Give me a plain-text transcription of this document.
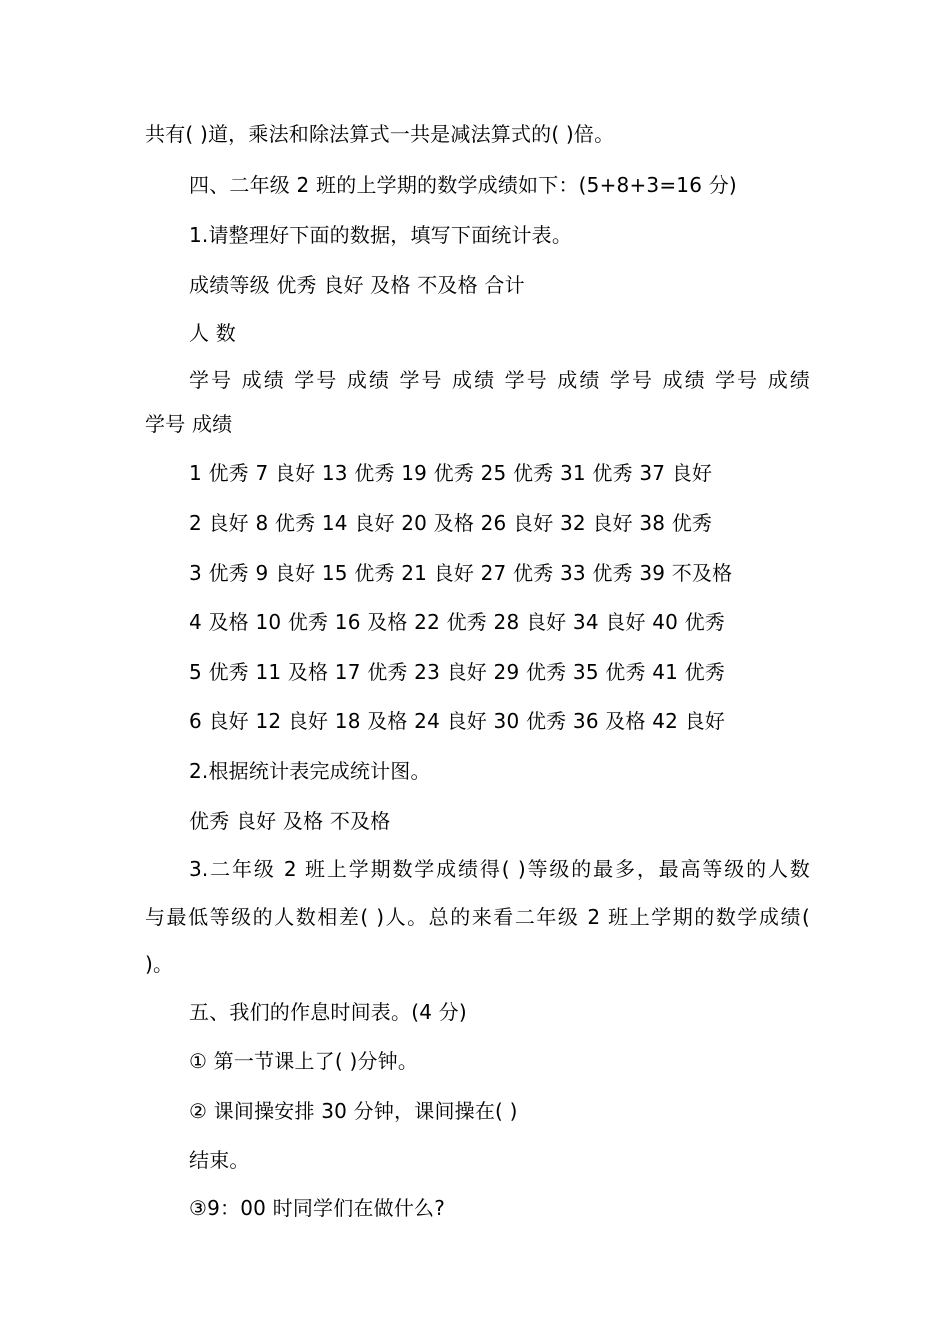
共有( )道，乘法和除法算式一共是减法算式的( )倍。
四、二年级 2 班的上学期的数学成绩如下：(5+8+3=16 分)
1.请整理好下面的数据，填写下面统计表。
成绩等级 优秀 良好 及格 不及格 合计
人 数
学号 成绩 学号 成绩 学号 成绩 学号 成绩 学号 成绩 学号 成绩
学号 成绩
1 优秀 7 良好 13 优秀 19 优秀 25 优秀 31 优秀 37 良好
2 良好 8 优秀 14 良好 20 及格 26 良好 32 良好 38 优秀
3 优秀 9 良好 15 优秀 21 良好 27 优秀 33 优秀 39 不及格
4 及格 10 优秀 16 及格 22 优秀 28 良好 34 良好 40 优秀
5 优秀 11 及格 17 优秀 23 良好 29 优秀 35 优秀 41 优秀
6 良好 12 良好 18 及格 24 良好 30 优秀 36 及格 42 良好
2.根据统计表完成统计图。
优秀 良好 及格 不及格
3.二年级 2 班上学期数学成绩得( )等级的最多，最高等级的人数
与最低等级的人数相差( )人。总的来看二年级 2 班上学期的数学成绩(
)。
五、我们的作息时间表。(4 分)
① 第一节课上了( )分钟。
② 课间操安排 30 分钟，课间操在( )
结束。
③9：00 时同学们在做什么?
